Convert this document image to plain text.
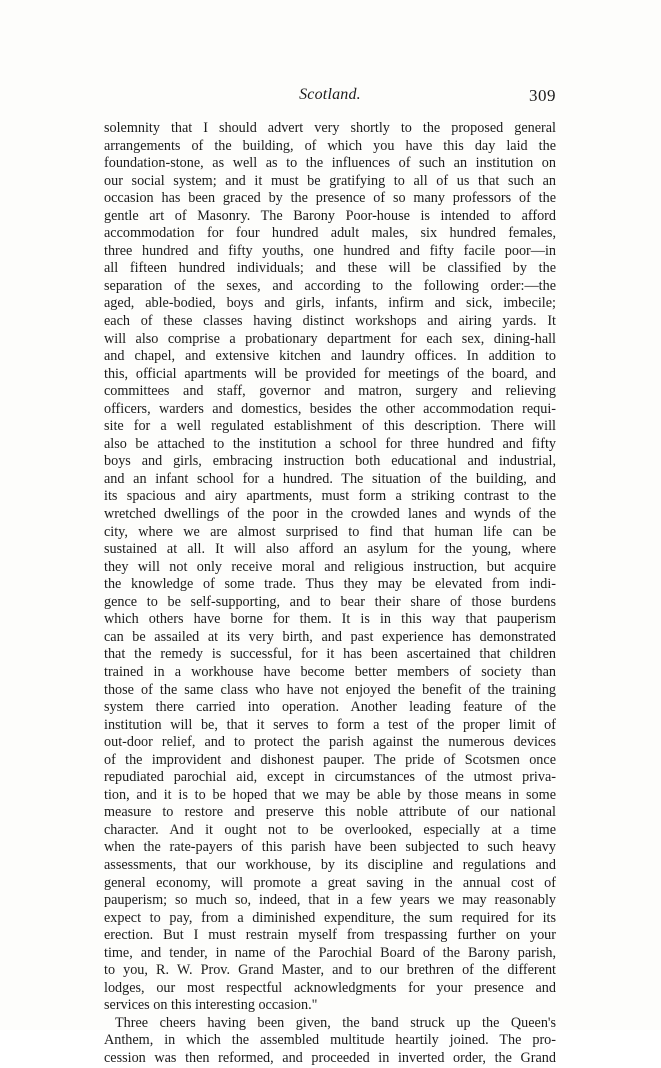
Scotland.	309
solemnity that I should advert very shortly to the proposed general
arrangements of the building, of which you have this day laid the
foundation-stone, as well as to the influences of such an institution on
our social system; and it must be gratifying to all of us that such an
occasion has been graced by the presence of so many professors of the
gentle art of Masonry. The Barony Poor-house is intended to afford
accommodation for four hundred adult males, six hundred females,
three hundred and fifty youths, one hundred and fifty facile poor—in
all fifteen hundred individuals; and these will be classified by the
separation of the sexes, and according to the following order:—the
aged, able-bodied, boys and girls, infants, infirm and sick, imbecile;
each of these classes having distinct workshops and airing yards. It
will also comprise a probationary department for each sex, dining-hall
and chapel, and extensive kitchen and laundry offices. In addition to
this, official apartments will be provided for meetings of the board, and
committees and staff, governor and matron, surgery and relieving
officers, warders and domestics, besides the other accommodation requi-
site for a well regulated establishment of this description. There will
also be attached to the institution a school for three hundred and fifty
boys and girls, embracing instruction both educational and industrial,
and an infant school for a hundred. The situation of the building, and
its spacious and airy apartments, must form a striking contrast to the
wretched dwellings of the poor in the crowded lanes and wynds of the
city, where we are almost surprised to find that human life can be
sustained at all. It will also afford an asylum for the young, where
they will not only receive moral and religious instruction, but acquire
the knowledge of some trade. Thus they may be elevated from indi-
gence to be self-supporting, and to bear their share of those burdens
which others have borne for them. It is in this way that pauperism
can be assailed at its very birth, and past experience has demonstrated
that the remedy is successful, for it has been ascertained that children
trained in a workhouse have become better members of society than
those of the same class who have not enjoyed the benefit of the training
system there carried into operation. Another leading feature of the
institution will be, that it serves to form a test of the proper limit of
out-door relief, and to protect the parish against the numerous devices
of the improvident and dishonest pauper. The pride of Scotsmen once
repudiated parochial aid, except in circumstances of the utmost priva-
tion, and it is to be hoped that we may be able by those means in some
measure to restore and preserve this noble attribute of our national
character. And it ought not to be overlooked, especially at a time
when the rate-payers of this parish have been subjected to such heavy
assessments, that our workhouse, by its discipline and regulations and
general economy, will promote a great saving in the annual cost of
pauperism; so much so, indeed, that in a few years we may reasonably
expect to pay, from a diminished expenditure, the sum required for its
erection. But I must restrain myself from trespassing further on your
time, and tender, in name of the Parochial Board of the Barony parish,
to you, R. W. Prov. Grand Master, and to our brethren of the different
lodges, our most respectful acknowledgments for your presence and
services on this interesting occasion."
Three cheers having been given, the band struck up the Queen's
Anthem, in which the assembled multitude heartily joined. The pro-
cession was then reformed, and proceeded in inverted order, the Grand
